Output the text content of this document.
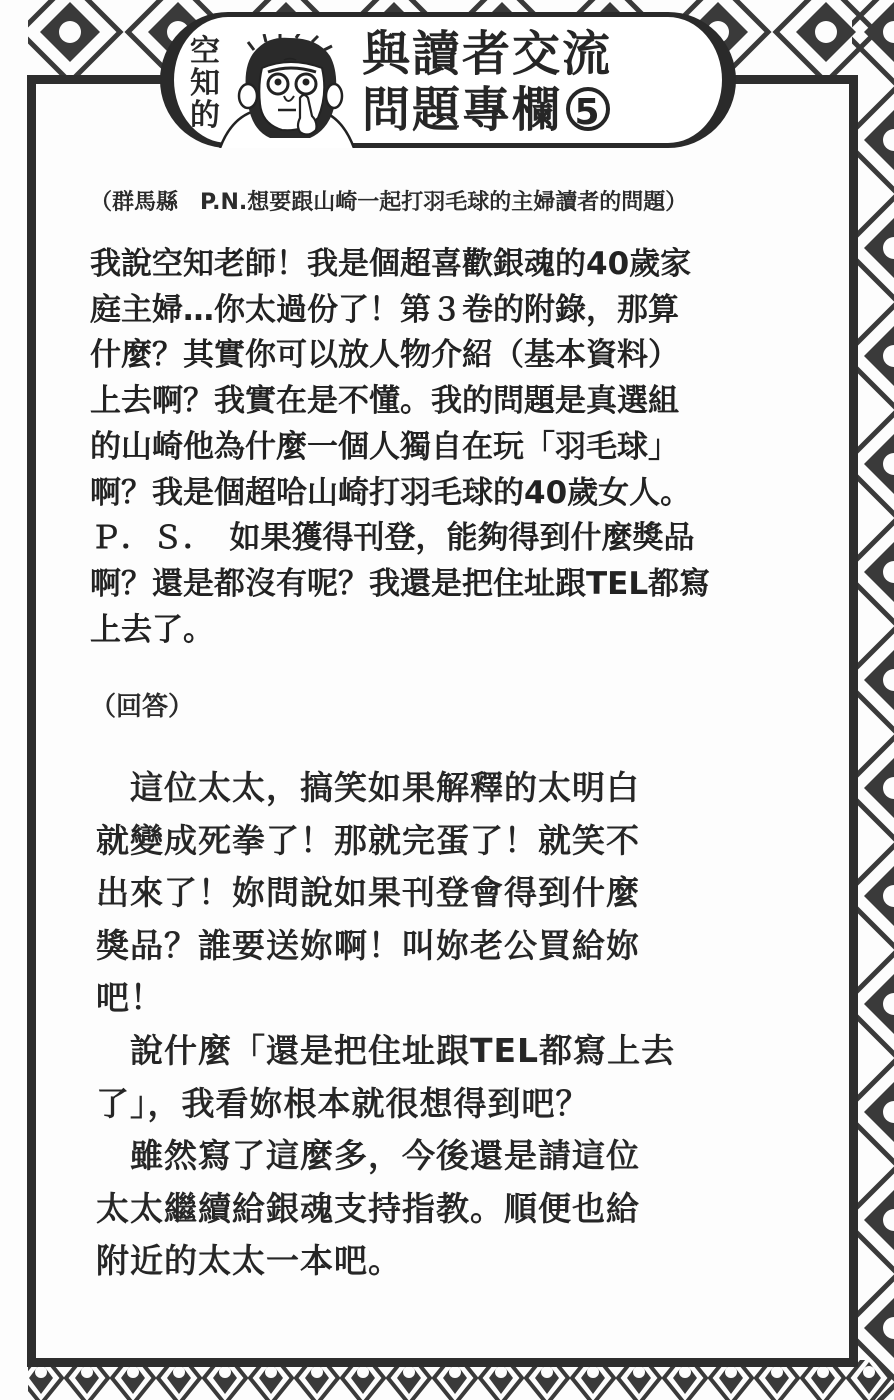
空
知
的
與讀者交流
問題專欄 5
（群馬縣　P.N.想要跟山崎一起打羽毛球的主婦讀者的問題）
我說空知老師！我是個超喜歡銀魂的40歲家
庭主婦…你太過份了！第３卷的附錄，那算
什麼？其實你可以放人物介紹（基本資料）
上去啊？我實在是不懂。我的問題是真選組
的山崎他為什麼一個人獨自在玩「羽毛球」
啊？我是個超哈山崎打羽毛球的40歲女人。
Ｐ．Ｓ．　如果獲得刊登，能夠得到什麼獎品
啊？還是都沒有呢？我還是把住址跟TEL都寫
上去了。
（回答）
　這位太太，搞笑如果解釋的太明白
就變成死拳了！那就完蛋了！就笑不
出來了！妳問說如果刊登會得到什麼
獎品？誰要送妳啊！叫妳老公買給妳
吧！
　說什麼「還是把住址跟TEL都寫上去
了」，我看妳根本就很想得到吧？
　雖然寫了這麼多，今後還是請這位
太太繼續給銀魂支持指教。順便也給
附近的太太一本吧。
